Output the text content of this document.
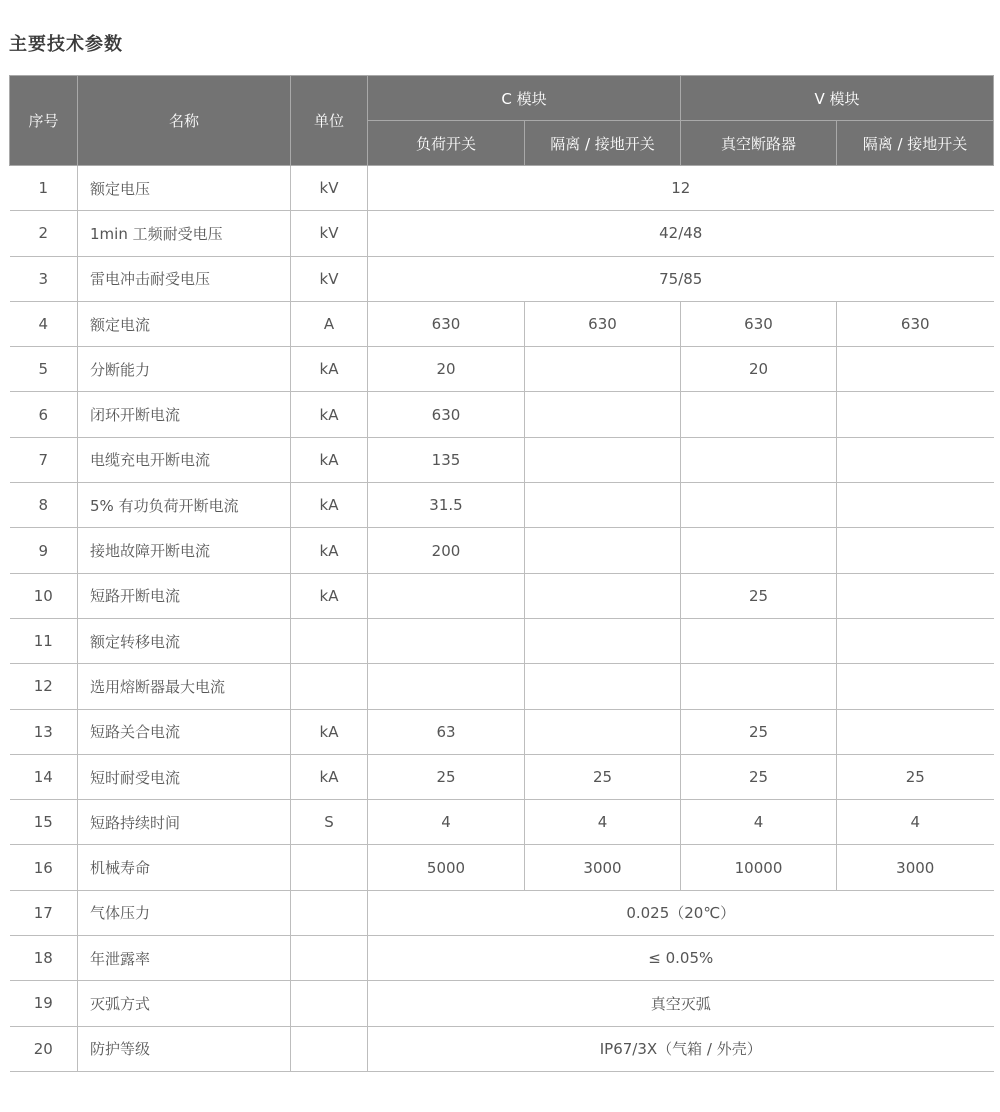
主要技术参数
序号	名称	单位	C 模块		V 模块	
			负荷开关	隔离 / 接地开关	真空断路器	隔离 / 接地开关
1	额定电压	kV	12			
2	1min 工频耐受电压	kV	42/48			
3	雷电冲击耐受电压	kV	75/85			
4	额定电流	A	630	630	630	630
5	分断能力	kA	20		20	
6	闭环开断电流	kA	630			
7	电缆充电开断电流	kA	135			
8	5% 有功负荷开断电流	kA	31.5			
9	接地故障开断电流	kA	200			
10	短路开断电流	kA			25	
11	额定转移电流					
12	选用熔断器最大电流					
13	短路关合电流	kA	63		25	
14	短时耐受电流	kA	25	25	25	25
15	短路持续时间	S	4	4	4	4
16	机械寿命		5000	3000	10000	3000
17	气体压力		0.025（20℃）			
18	年泄露率		≤ 0.05%			
19	灭弧方式		真空灭弧			
20	防护等级		IP67/3X（气箱 / 外壳）			
